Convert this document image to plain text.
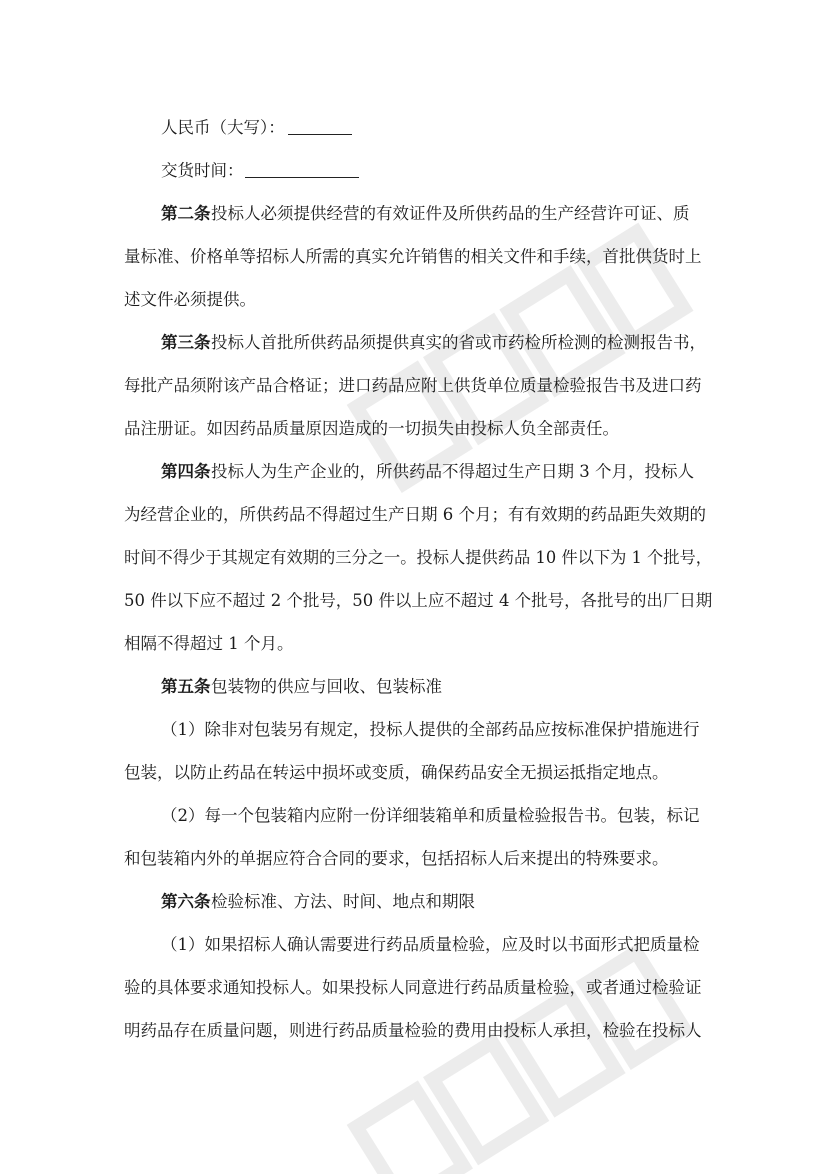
人民币（大写）：
交货时间：
第二条 投标人必须提供经营的有效证件及所供药品的生产经营许可证、质
量标准、价格单等招标人所需的真实允许销售的相关文件和手续，首批供货时上
述文件必须提供。
第三条 投标人首批所供药品须提供真实的省或市药检所检测的检测报告书，
每批产品须附该产品合格证；进口药品应附上供货单位质量检验报告书及进口药
品注册证。如因药品质量原因造成的一切损失由投标人负全部责任。
第四条 投标人为生产企业的，所供药品不得超过生产日期 3 个月，投标人
为经营企业的，所供药品不得超过生产日期 6 个月；有有效期的药品距失效期的
时间不得少于其规定有效期的三分之一。投标人提供药品 10 件以下为 1 个批号，
50 件以下应不超过 2 个批号，50 件以上应不超过 4 个批号，各批号的出厂日期
相隔不得超过 1 个月。
第五条 包装物的供应与回收、包装标准
（1）除非对包装另有规定，投标人提供的全部药品应按标准保护措施进行
包装，以防止药品在转运中损坏或变质，确保药品安全无损运抵指定地点。
（2）每一个包装箱内应附一份详细装箱单和质量检验报告书。包装，标记
和包装箱内外的单据应符合合同的要求，包括招标人后来提出的特殊要求。
第六条 检验标准、方法、时间、地点和期限
（1）如果招标人确认需要进行药品质量检验，应及时以书面形式把质量检
验的具体要求通知投标人。如果投标人同意进行药品质量检验，或者通过检验证
明药品存在质量问题，则进行药品质量检验的费用由投标人承担，检验在投标人
